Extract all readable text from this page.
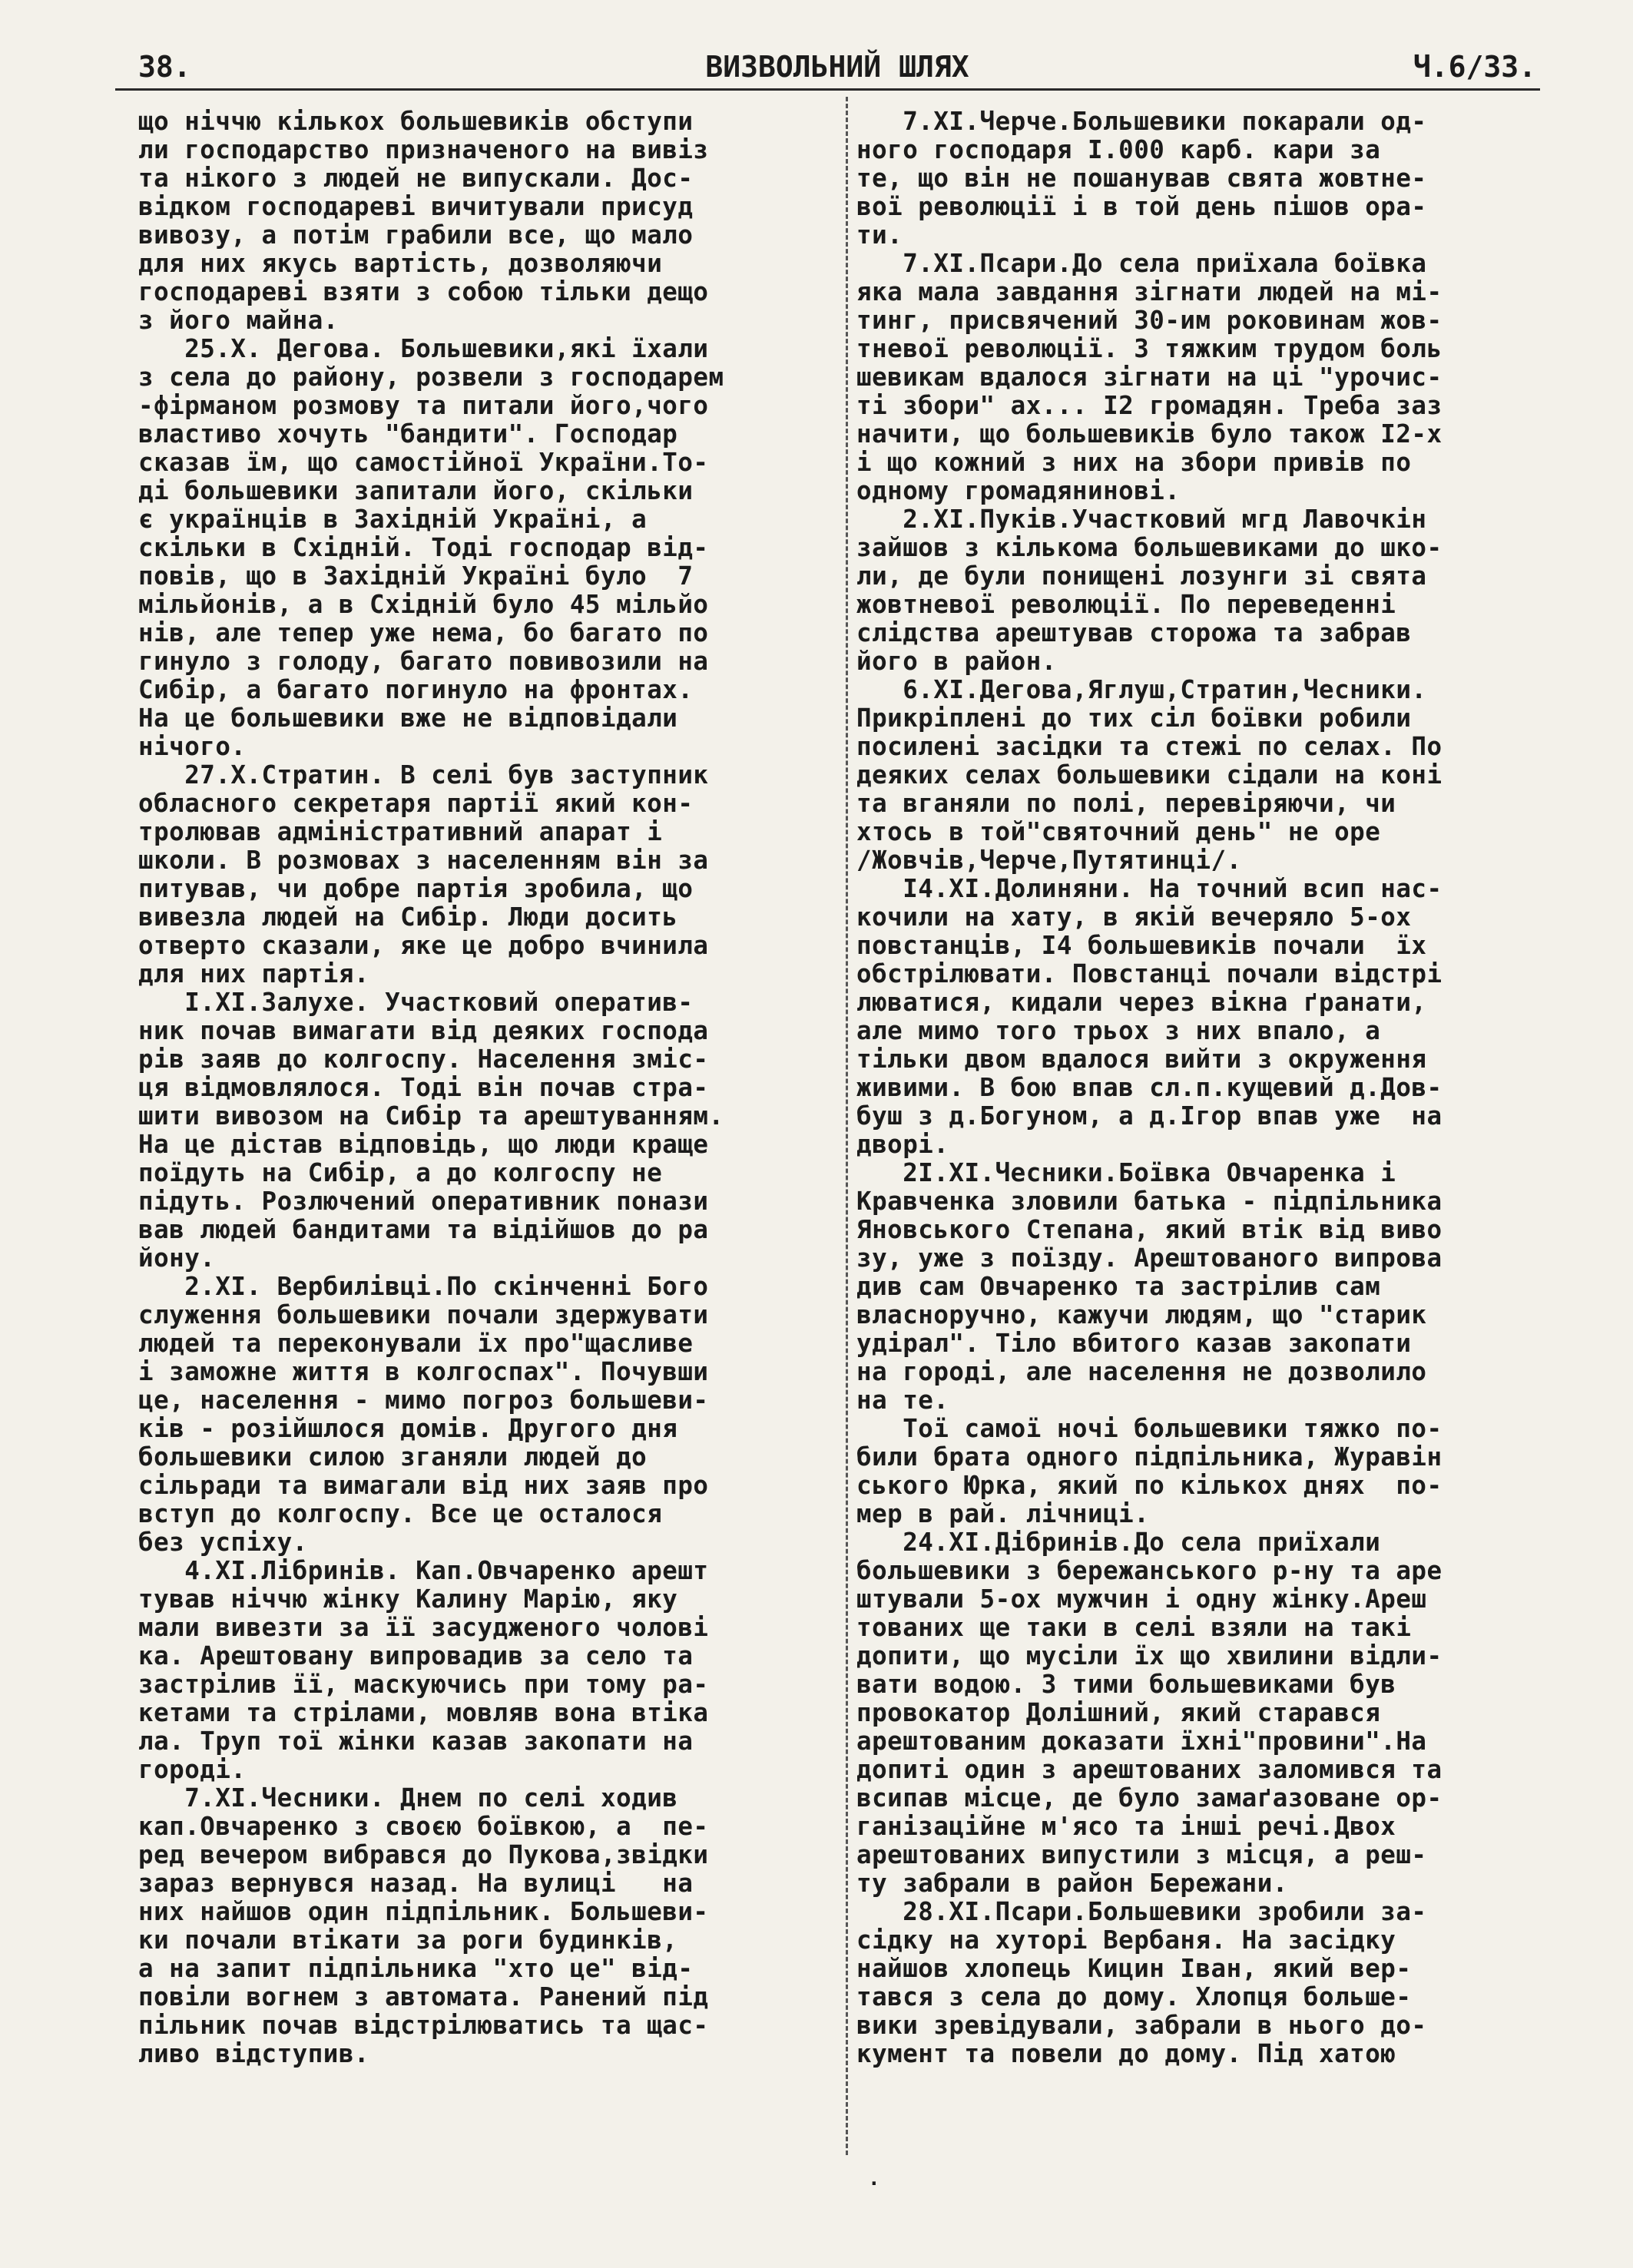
38.	ВИЗВОЛЬНИЙ ШЛЯХ	Ч.6/33.
що ніччю кількох большевиків обступи
ли господарство призначеного на вивіз
та нікого з людей не випускали. Дос-
відком господареві вичитували присуд
вивозу, а потім грабили все, що мало
для них якусь вартість, дозволяючи
господареві взяти з собою тільки дещо
з його майна.
25.X. Деговa. Большевики,які їхали
з села до району, розвели з господарем
-фірманом розмову та питали його,чого
властиво хочуть "бандити". Господар
сказав їм, що самостійної України.То-
ді большевики запитали його, скільки
є українців в Західній Україні, а
скільки в Східній. Тоді господар від-
повів, що в Західній Україні було  7
мільйонів, а в Східній було 45 мільйо
нів, але тепер уже нема, бо багато по
гинуло з голоду, багато повивозили на
Сибір, а багато погинуло на фронтах.
На це большевики вже не відповідали
нічого.
27.X.Стратин. В селі був заступник
обласного секретаря партії який кон-
тролював адміністративний апарат і
школи. В розмовах з населенням він за
питував, чи добре партія зробила, що
вивезла людей на Сибір. Люди досить
отверто сказали, яке це добро вчинила
для них партія.
I.XI.Залухе. Участковий оператив-
ник почав вимагати від деяких господа
рів заяв до колгоспу. Населення зміс-
ця відмовлялося. Тоді він почав стра-
шити вивозом на Сибір та арештуванням.
На це дістав відповідь, що люди краще
поїдуть на Сибір, а до колгоспу не
підуть. Розлючений оперативник понази
вав людей бандитами та відійшов до ра
йону.
2.XI. Вербилівці.По скінченні Бого
служення большевики почали здержувати
людей та переконували їх про"щасливе
і заможне життя в колгоспах". Почувши
це, населення - мимо погроз большеви-
ків - розійшлося домів. Другого дня
большевики силою зганяли людей до
сільради та вимагали від них заяв про
вступ до колгоспу. Все це осталося
без успіху.
4.XI.Лібринів. Кап.Овчаренко арешт
тував ніччю жінку Калину Марію, яку
мали вивезти за її засудженого чолові
ка. Арештовану випровадив за село та
застрілив її, маскуючись при тому ра-
кетами та стрілами, мовляв вона втіка
ла. Труп тої жінки казав закопати на
городі.
7.XI.Чесники. Днем по селі ходив
кап.Овчаренко з своєю боївкою, а  пе-
ред вечером вибрався до Пукова,звідки
зараз вернувся назад. На вулиці   на
них найшов один підпільник. Большеви-
ки почали втікати за роги будинків,
а на запит підпільника "хто це" від-
повіли вогнем з автомата. Ранений під
пільник почав відстрілюватись та щас-
ливо відступив.
7.XI.Черче.Большевики покарали од-
ного господаря I.000 карб. кари за
те, що він не пошанував свята жовтне-
вої революції і в той день пішов ора-
ти.
7.XI.Псари.До села приїхала боївка
яка мала завдання зігнати людей на мі-
тинг, присвячений 30-им роковинам жов-
тневої революції. З тяжким трудом боль
шевикам вдалося зігнати на ці "урочис-
ті збори" ах... I2 громадян. Треба заз
начити, що большевиків було також I2-х
і що кожний з них на збори привів по
одному громадянинові.
2.XI.Пуків.Участковий мгд Лавочкін
зайшов з кількома большевиками до шко-
ли, де були понищені лозунги зі свята
жовтневої революції. По переведенні
слідства арештував сторожа та забрав
його в район.
6.XI.Деговa,Яглуш,Стратин,Чесники.
Прикріплені до тих сіл боївки робили
посилені засідки та стежі по селах. По
деяких селах большевики сідали на коні
та вганяли по полі, перевіряючи, чи
хтось в той"святочний день" не оре
/Жовчів,Черче,Путятинці/.
I4.XI.Долиняни. На точний всип нас-
кочили на хату, в якій вечеряло 5-ох
повстанців, I4 большевиків почали  їх
обстрілювати. Повстанці почали відстрі
люватися, кидали через вікна ґранати,
але мимо того трьох з них впало, а
тільки двом вдалося вийти з окруження
живими. В бою впав сл.п.кущевий д.Дов-
буш з д.Богуном, а д.Ігор впав уже  на
дворі.
2I.XI.Чесники.Боївка Овчаренка і
Кравченка зловили батька - підпільника
Яновського Степана, який втік від виво
зу, уже з поїзду. Арештованого випрова
див сам Овчаренко та застрілив сам
власноручно, кажучи людям, що "старик
удірал". Тіло вбитого казав закопати
на городі, але населення не дозволило
на те.
Тої самої ночі большевики тяжко по-
били брата одного підпільника, Журавін
ського Юрка, який по кількох днях  по-
мер в рай. лічниці.
24.XI.Дібринів.До села приїхали
большевики з бережанського р-ну та аре
штували 5-ох мужчин і одну жінку.Ареш
тованих ще таки в селі взяли на такі
допити, що мусіли їх що хвилини відли-
вати водою. З тими большевиками був
провокатор Долішний, який старався
арештованим доказати їхні"провини".На
допиті один з арештованих заломився та
всипав місце, де було замаґазоване ор-
ганізаційне м'ясо та інші речі.Двох
арештованих випустили з місця, а реш-
ту забрали в район Бережани.
28.XI.Псари.Большевики зробили за-
сідку на хуторі Вербаня. На засідку
найшов хлопець Кицин Іван, який вер-
тався з села до дому. Хлопця больше-
вики зревідували, забрали в нього до-
кумент та повели до дому. Під хатою
.
